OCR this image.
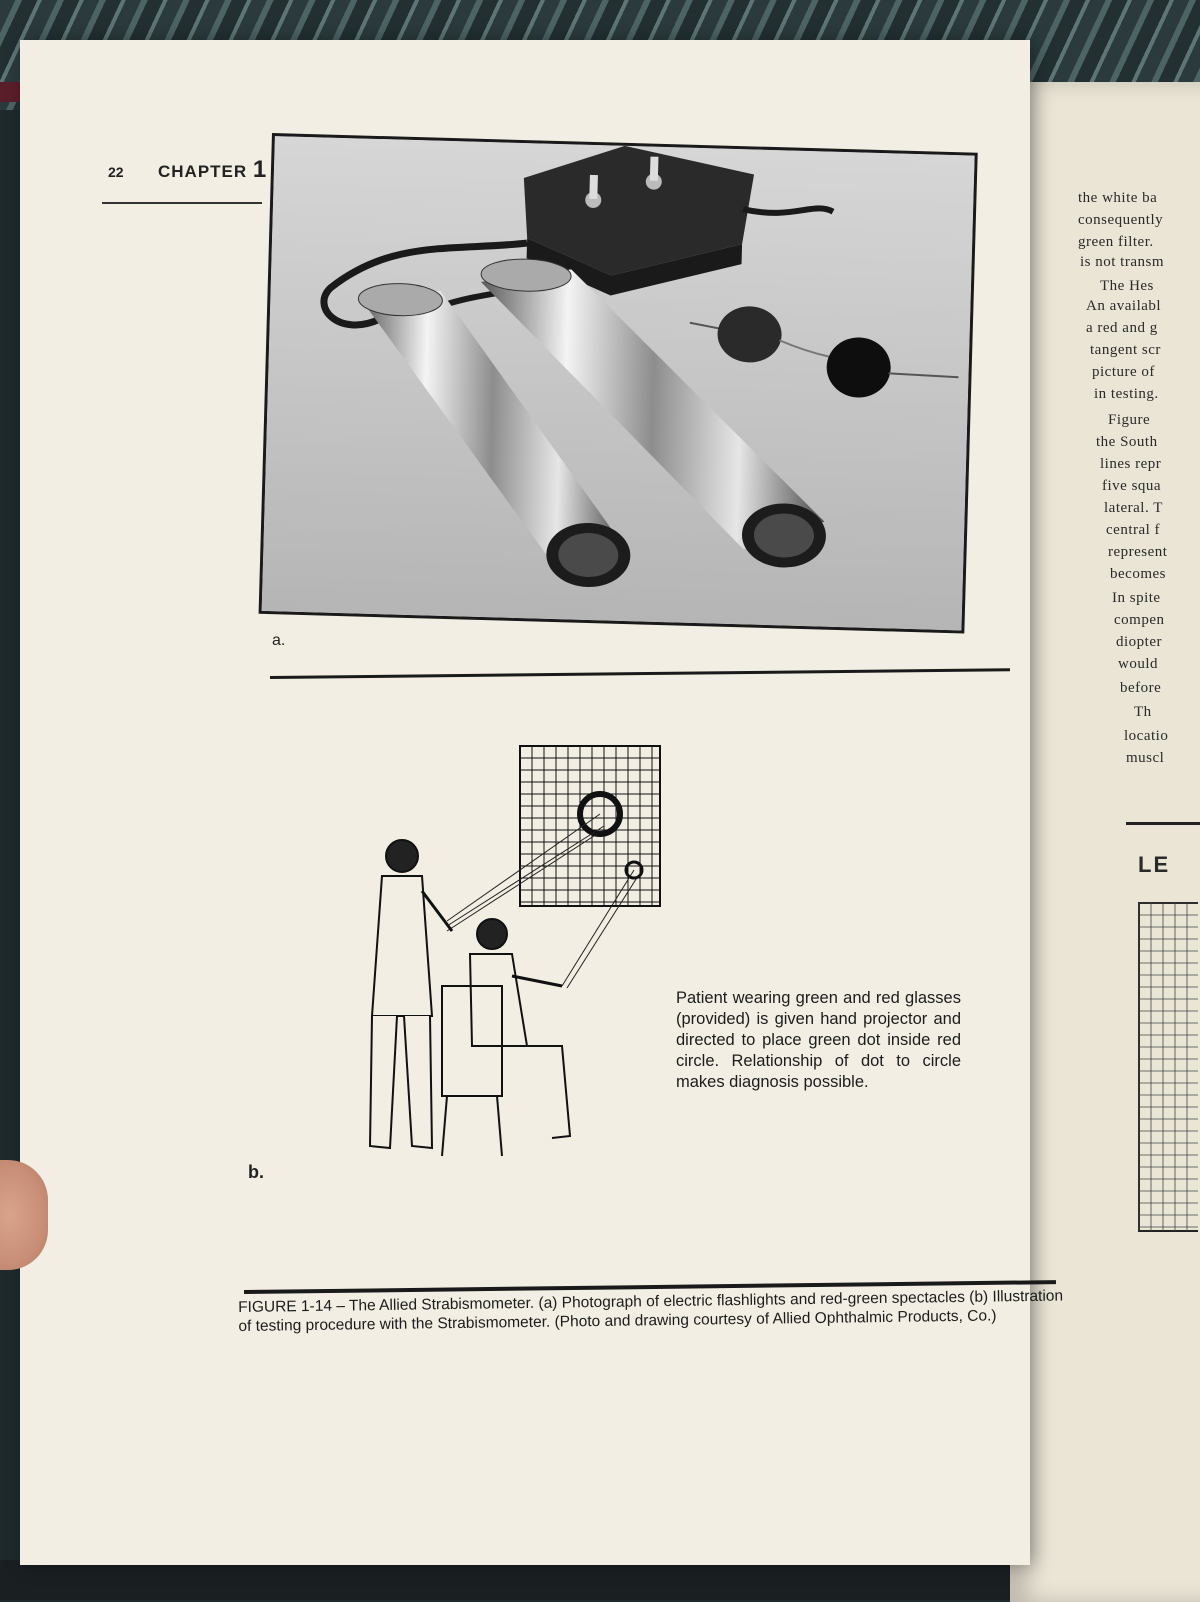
the white ba
consequently
green filter.
is not transm
The Hes
An availabl
a red and g
tangent scr
picture of
in testing.
Figure
the South
lines repr
five squa
lateral. T
central f
represent
becomes
In spite
compen
diopter
would
before
Th
locatio
muscl
LE
22 CHAPTER 1
a.
Patient wearing green and red glasses (provided) is given hand projector and directed to place green dot inside red circle. Relationship of dot to circle makes diagnosis possible.
b.
FIGURE 1-14 – The Allied Strabismometer. (a) Photograph of electric flashlights and red-green spectacles (b) Illustration of testing procedure with the Strabismometer. (Photo and drawing courtesy of Allied Ophthalmic Products, Co.)
